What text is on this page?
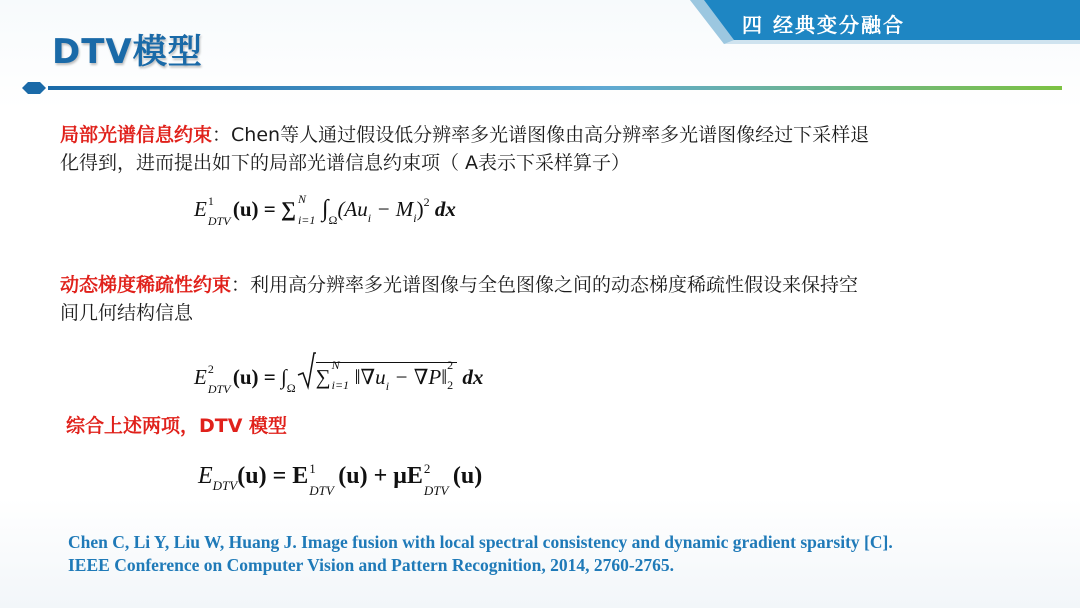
四 经典变分融合
DTV模型
局部光谱信息约束：Chen等人通过假设低分辨率多光谱图像由高分辨率多光谱图像经过下采样退
化得到，进而提出如下的局部光谱信息约束项（ A表示下采样算子）
E 1
DTV (u) = ∑ N
i=1 $\int_\Omega(Au_i - M_i)^2$ dx
动态梯度稀疏性约束：利用高分辨率多光谱图像与全色图像之间的动态梯度稀疏性假设来保持空
间几何结构信息
E 2
DTV $(u) = \int_\Omega$ ∑ N
i=1 $‖\nabla u_i$ − ∇P‖ 2
2 dx
综合上述两项，DTV 模型
$E_{DTV}(u) = E$ 1
DTV
(u) + μE 2
DTV
(u)
Chen C, Li Y, Liu W, Huang J. Image fusion with local spectral consistency and dynamic gradient sparsity [C].
IEEE Conference on Computer Vision and Pattern Recognition, 2014, 2760-2765.
